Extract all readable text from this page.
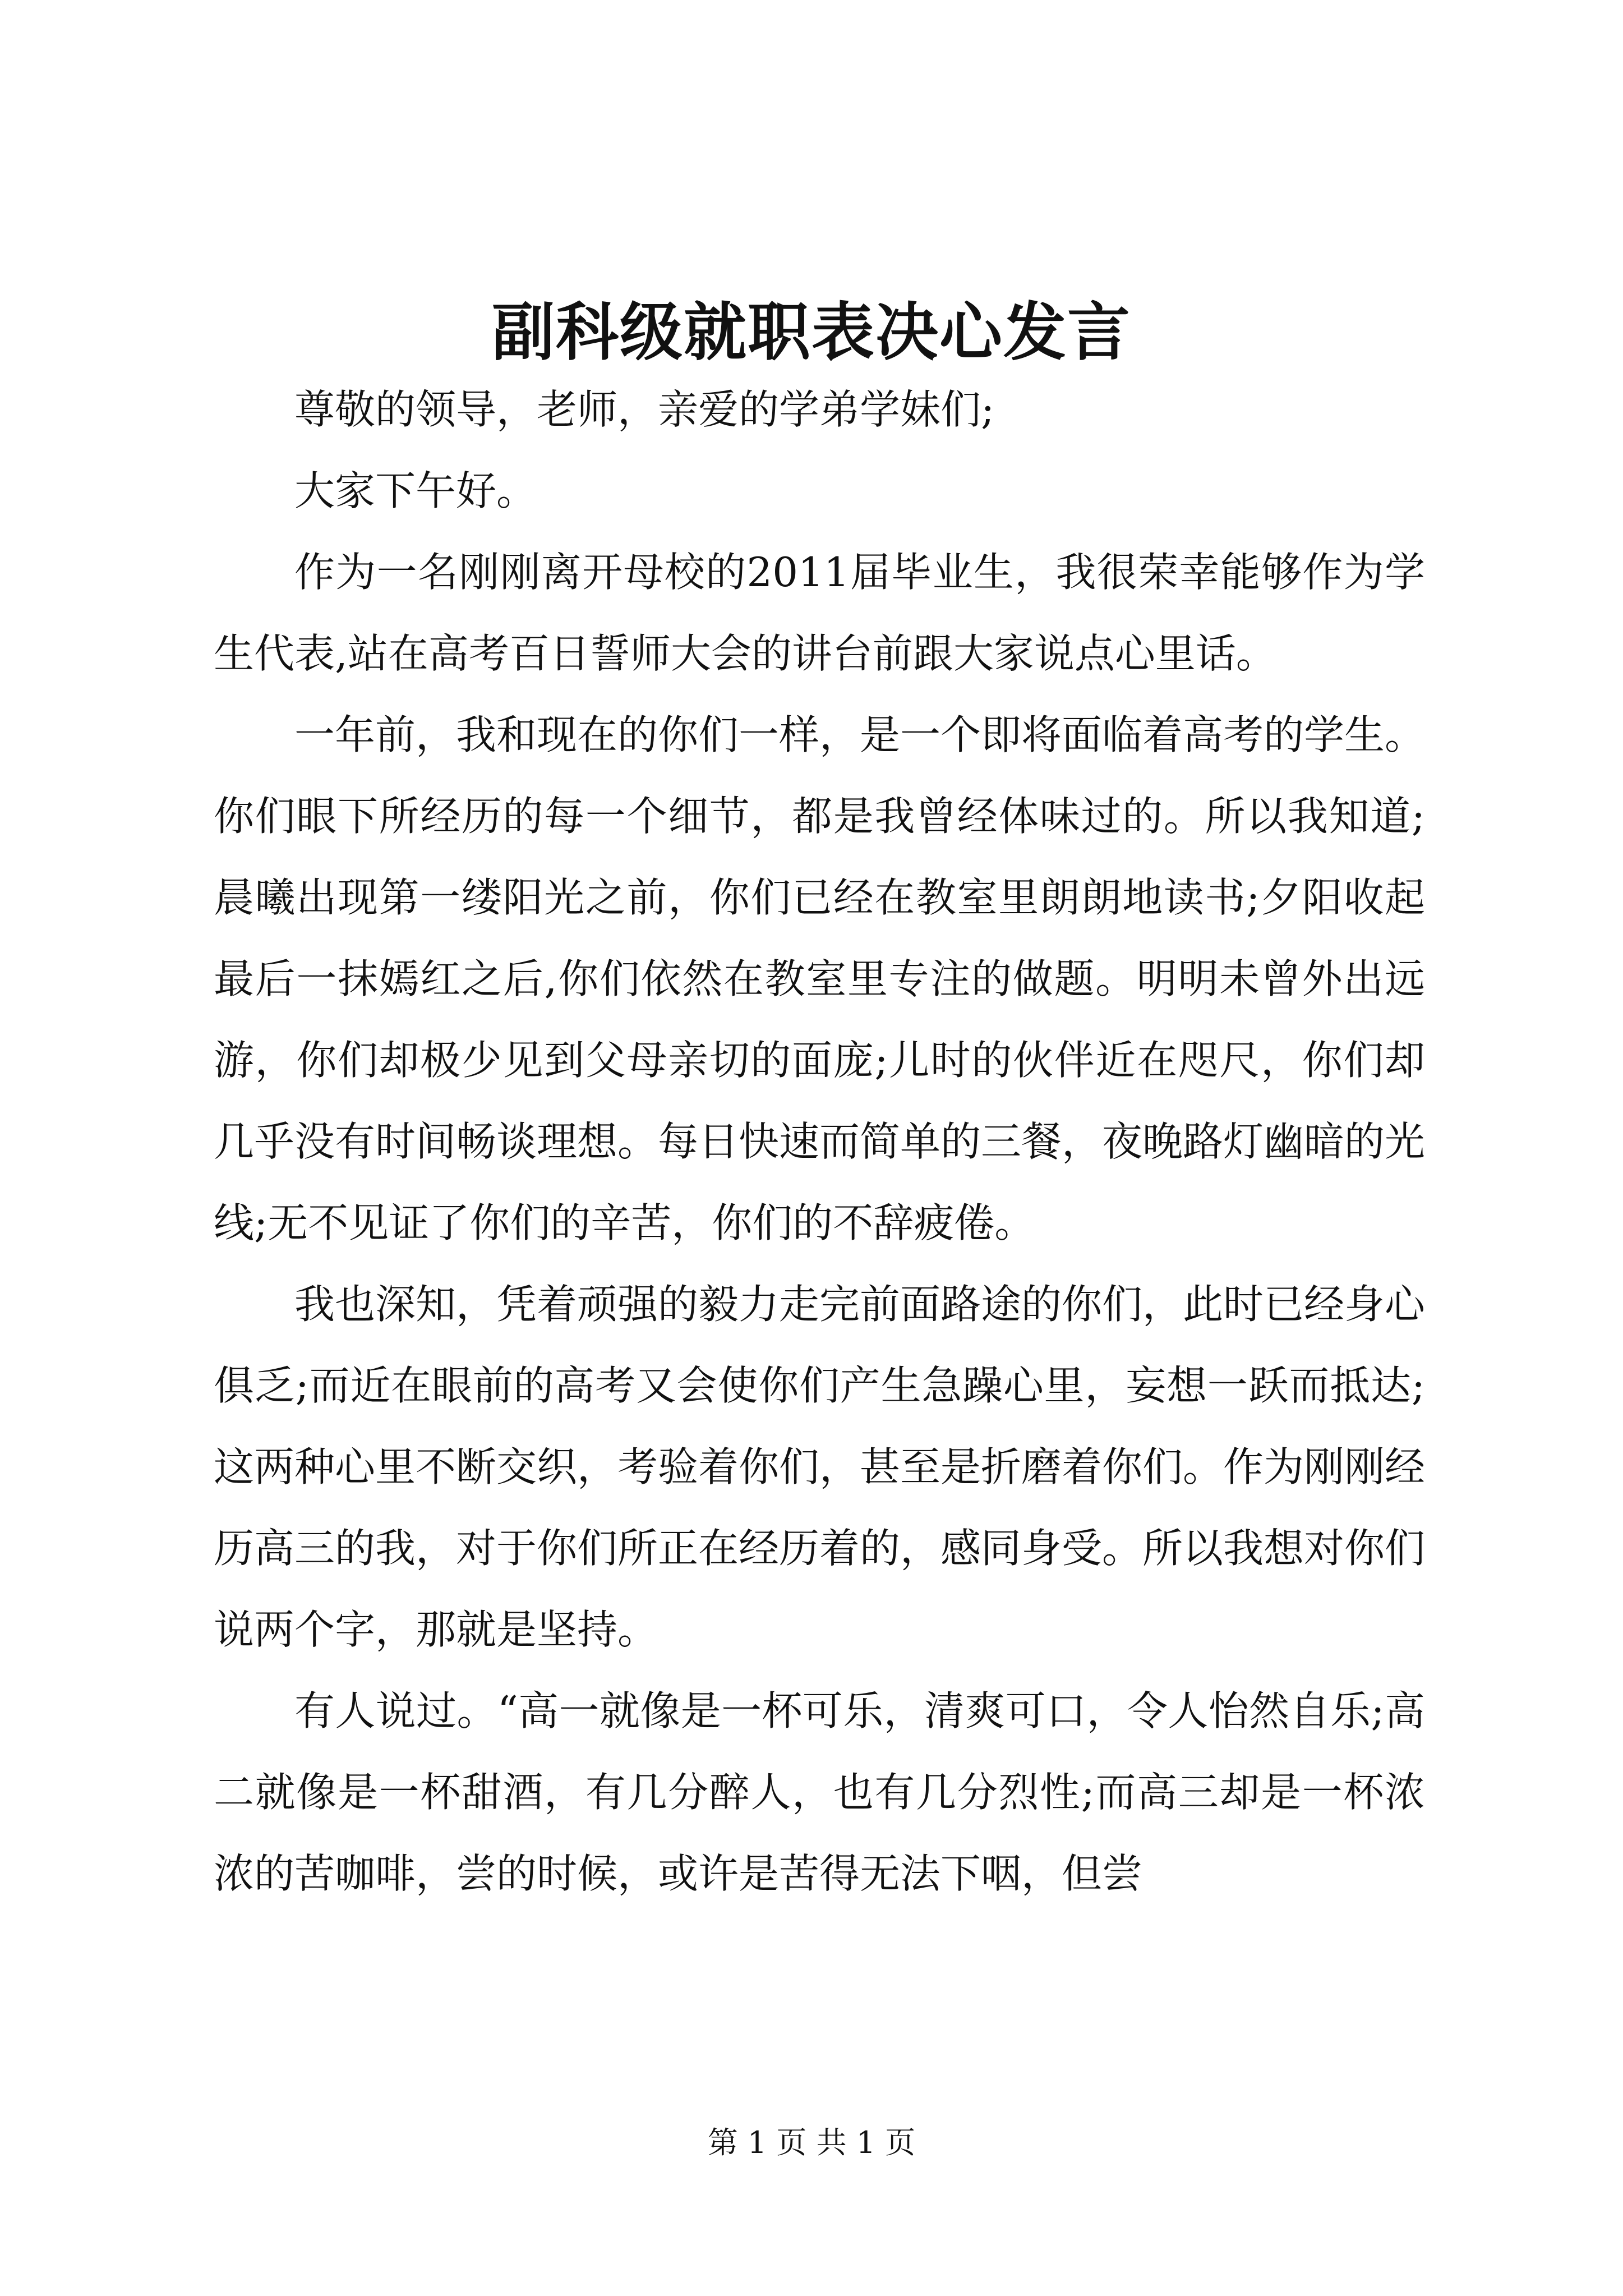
副科级就职表决心发言

尊敬的领导，老师，亲爱的学弟学妹们;

大家下午好。

作为一名刚刚离开母校的2011届毕业生，我很荣幸能够作为学生代表,站在高考百日誓师大会的讲台前跟大家说点心里话。

一年前，我和现在的你们一样，是一个即将面临着高考的学生。你们眼下所经历的每一个细节，都是我曾经体味过的。所以我知道;晨曦出现第一缕阳光之前，你们已经在教室里朗朗地读书;夕阳收起最后一抹嫣红之后,你们依然在教室里专注的做题。明明未曾外出远游，你们却极少见到父母亲切的面庞;儿时的伙伴近在咫尺，你们却几乎没有时间畅谈理想。每日快速而简单的三餐，夜晚路灯幽暗的光线;无不见证了你们的辛苦，你们的不辞疲倦。

我也深知，凭着顽强的毅力走完前面路途的你们，此时已经身心俱乏;而近在眼前的高考又会使你们产生急躁心里，妄想一跃而抵达;这两种心里不断交织，考验着你们，甚至是折磨着你们。作为刚刚经历高三的我，对于你们所正在经历着的，感同身受。所以我想对你们说两个字，那就是坚持。

有人说过。“高一就像是一杯可乐，清爽可口，令人怡然自乐;高二就像是一杯甜酒，有几分醉人，也有几分烈性;而高三却是一杯浓浓的苦咖啡，尝的时候，或许是苦得无法下咽，但尝

第 1 页 共 1 页
